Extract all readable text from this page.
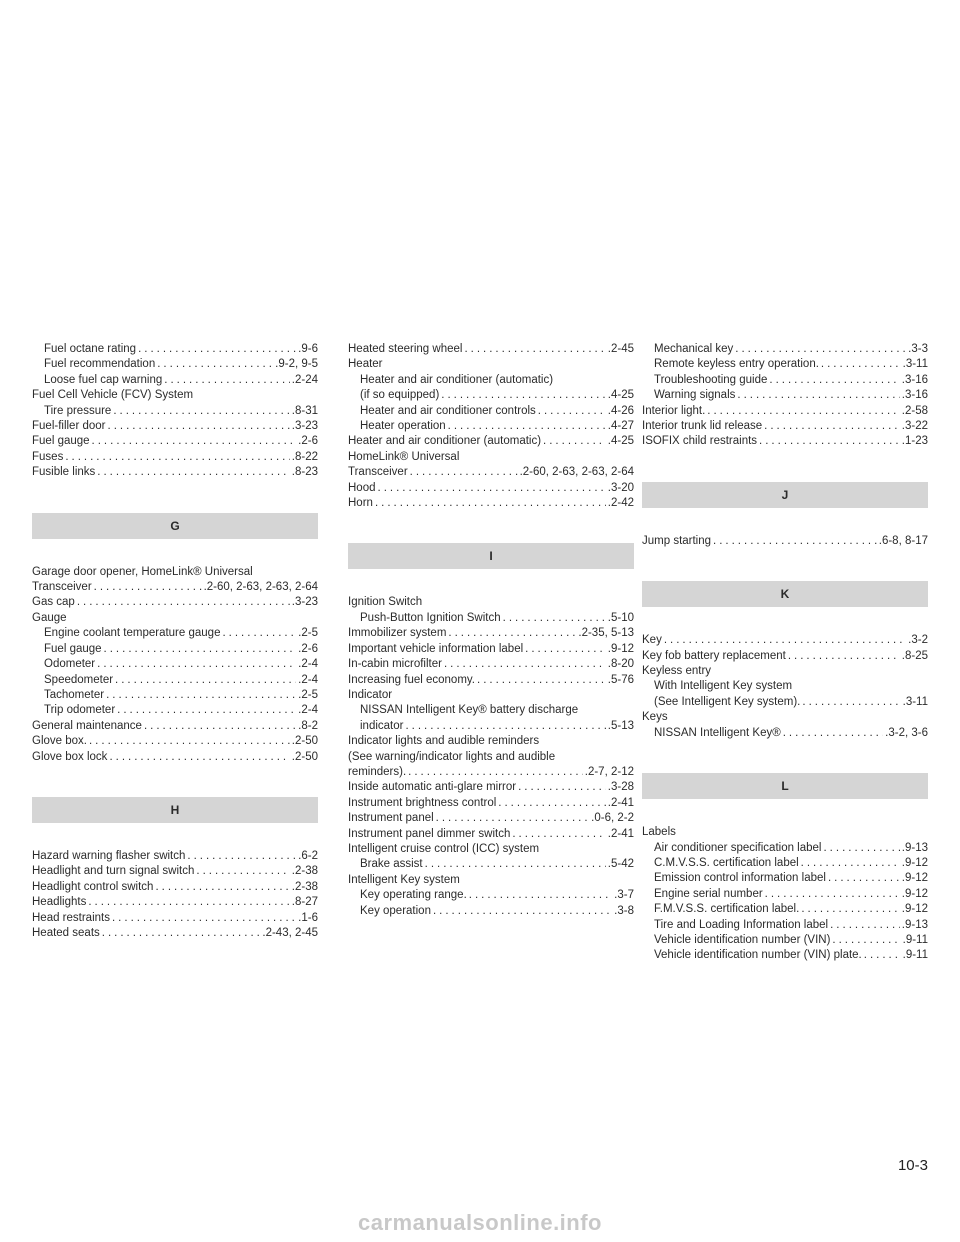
Fuel octane rating .....	.9-6
Fuel recommendation .....	.9-2, 9-5
Loose fuel cap warning .....	.2-24
Fuel Cell Vehicle (FCV) System
Tire pressure .....	.8-31
Fuel-filler door .....	.3-23
Fuel gauge .....	.2-6
Fuses .....	.8-22
Fusible links .....	.8-23
G
Garage door opener, HomeLink® Universal
Transceiver .....	.2-60, 2-63, 2-63, 2-64
Gas cap .....	.3-23
Gauge
Engine coolant temperature gauge .....	.2-5
Fuel gauge .....	.2-6
Odometer .....	.2-4
Speedometer .....	.2-4
Tachometer .....	.2-5
Trip odometer .....	.2-4
General maintenance .....	.8-2
Glove box. .....	.2-50
Glove box lock .....	.2-50
H
Hazard warning flasher switch .....	.6-2
Headlight and turn signal switch .....	.2-38
Headlight control switch .....	.2-38
Headlights .....	.8-27
Head restraints .....	.1-6
Heated seats .....	.2-43, 2-45
Heated steering wheel .....	.2-45
Heater
Heater and air conditioner (automatic)
(if so equipped) .....	.4-25
Heater and air conditioner controls .....	.4-26
Heater operation .....	.4-27
Heater and air conditioner (automatic) .....	.4-25
HomeLink® Universal
Transceiver .....	.2-60, 2-63, 2-63, 2-64
Hood .....	.3-20
Horn .....	.2-42
I
Ignition Switch
Push-Button Ignition Switch .....	.5-10
Immobilizer system .....	.2-35, 5-13
Important vehicle information label .....	.9-12
In-cabin microfilter .....	.8-20
Increasing fuel economy. .....	.5-76
Indicator
NISSAN Intelligent Key® battery discharge
indicator .....	.5-13
Indicator lights and audible reminders
(See warning/indicator lights and audible
reminders). .....	.2-7, 2-12
Inside automatic anti-glare mirror .....	.3-28
Instrument brightness control .....	.2-41
Instrument panel .....	.0-6, 2-2
Instrument panel dimmer switch .....	.2-41
Intelligent cruise control (ICC) system
Brake assist .....	.5-42
Intelligent Key system
Key operating range. .....	.3-7
Key operation .....	.3-8
Mechanical key .....	.3-3
Remote keyless entry operation. .....	.3-11
Troubleshooting guide .....	.3-16
Warning signals .....	.3-16
Interior light. .....	.2-58
Interior trunk lid release .....	.3-22
ISOFIX child restraints .....	.1-23
J
Jump starting .....	.6-8, 8-17
K
Key .....	.3-2
Key fob battery replacement .....	.8-25
Keyless entry
With Intelligent Key system
(See Intelligent Key system). .....	.3-11
Keys
NISSAN Intelligent Key® .....	.3-2, 3-6
L
Labels
Air conditioner specification label .....	.9-13
C.M.V.S.S. certification label .....	.9-12
Emission control information label .....	.9-12
Engine serial number .....	.9-12
F.M.V.S.S. certification label. .....	.9-12
Tire and Loading Information label .....	.9-13
Vehicle identification number (VIN) .....	.9-11
Vehicle identification number (VIN) plate. .....	.9-11
10-3
carmanualsonline.info
